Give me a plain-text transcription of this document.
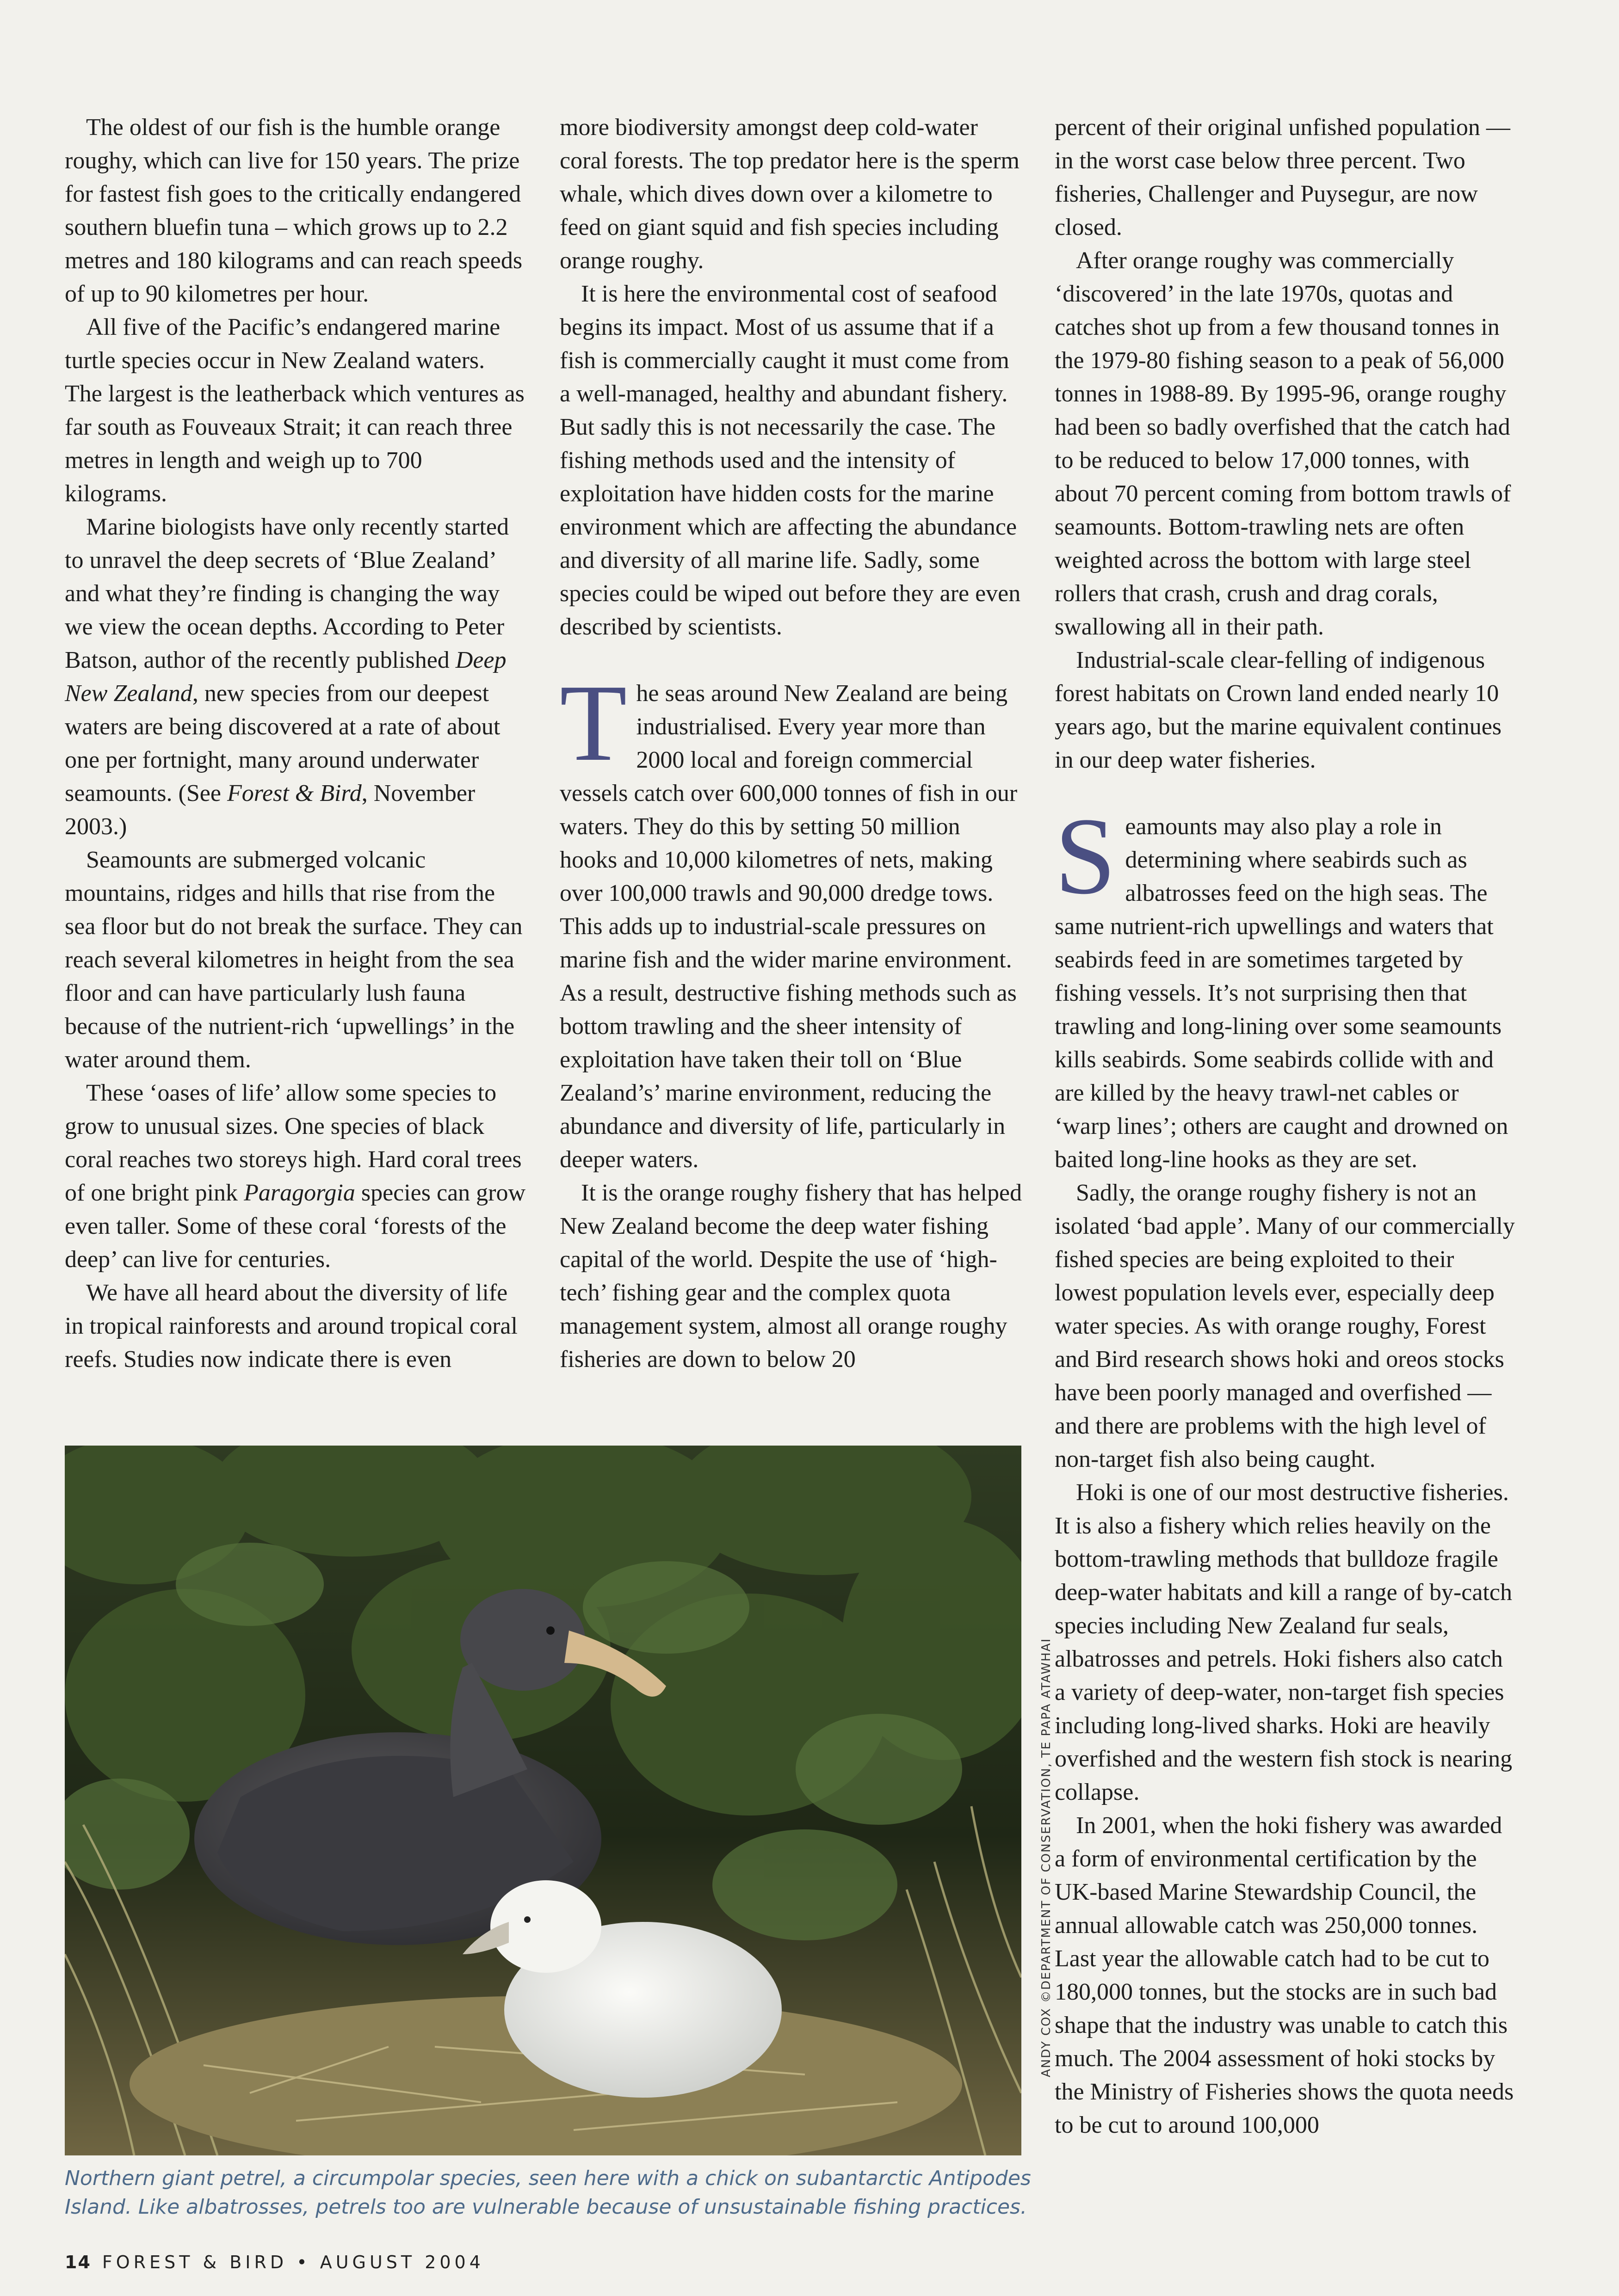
The oldest of our fish is the humble orange roughy, which can live for 150 years. The prize for fastest fish goes to the critically endangered southern bluefin tuna – which grows up to 2.2 metres and 180 kilograms and can reach speeds of up to 90 kilometres per hour.

All five of the Pacific’s endangered marine turtle species occur in New Zealand waters. The largest is the leatherback which ventures as far south as Fouveaux Strait; it can reach three metres in length and weigh up to 700 kilograms.

Marine biologists have only recently started to unravel the deep secrets of ‘Blue Zealand’ and what they’re finding is changing the way we view the ocean depths. According to Peter Batson, author of the recently published Deep New Zealand, new species from our deepest waters are being discovered at a rate of about one per fortnight, many around underwater seamounts. (See Forest & Bird, November 2003.)

Seamounts are submerged volcanic mountains, ridges and hills that rise from the sea floor but do not break the surface. They can reach several kilometres in height from the sea floor and can have particularly lush fauna because of the nutrient-rich ‘upwellings’ in the water around them.

These ‘oases of life’ allow some species to grow to unusual sizes. One species of black coral reaches two storeys high. Hard coral trees of one bright pink Paragorgia species can grow even taller. Some of these coral ‘forests of the deep’ can live for centuries.

We have all heard about the diversity of life in tropical rainforests and around tropical coral reefs. Studies now indicate there is even

more biodiversity amongst deep cold-water coral forests. The top predator here is the sperm whale, which dives down over a kilometre to feed on giant squid and fish species including orange roughy.

It is here the environmental cost of seafood begins its impact. Most of us assume that if a fish is commercially caught it must come from a well-managed, healthy and abundant fishery. But sadly this is not necessarily the case. The fishing methods used and the intensity of exploitation have hidden costs for the marine environment which are affecting the abundance and diversity of all marine life. Sadly, some species could be wiped out before they are even described by scientists.

The seas around New Zealand are being industrialised. Every year more than 2000 local and foreign commercial vessels catch over 600,000 tonnes of fish in our waters. They do this by setting 50 million hooks and 10,000 kilometres of nets, making over 100,000 trawls and 90,000 dredge tows. This adds up to industrial-scale pressures on marine fish and the wider marine environment. As a result, destructive fishing methods such as bottom trawling and the sheer intensity of exploitation have taken their toll on ‘Blue Zealand’s’ marine environment, reducing the abundance and diversity of life, particularly in deeper waters.

It is the orange roughy fishery that has helped New Zealand become the deep water fishing capital of the world. Despite the use of ‘high-tech’ fishing gear and the complex quota management system, almost all orange roughy fisheries are down to below 20

percent of their original unfished population — in the worst case below three percent. Two fisheries, Challenger and Puysegur, are now closed.

After orange roughy was commercially ‘discovered’ in the late 1970s, quotas and catches shot up from a few thousand tonnes in the 1979-80 fishing season to a peak of 56,000 tonnes in 1988-89. By 1995-96, orange roughy had been so badly overfished that the catch had to be reduced to below 17,000 tonnes, with about 70 percent coming from bottom trawls of seamounts. Bottom-trawling nets are often weighted across the bottom with large steel rollers that crash, crush and drag corals, swallowing all in their path.

Industrial-scale clear-felling of indigenous forest habitats on Crown land ended nearly 10 years ago, but the marine equivalent continues in our deep water fisheries.

Seamounts may also play a role in determining where seabirds such as albatrosses feed on the high seas. The same nutrient-rich upwellings and waters that seabirds feed in are sometimes targeted by fishing vessels. It’s not surprising then that trawling and long-lining over some seamounts kills seabirds. Some seabirds collide with and are killed by the heavy trawl-net cables or ‘warp lines’; others are caught and drowned on baited long-line hooks as they are set.

Sadly, the orange roughy fishery is not an isolated ‘bad apple’. Many of our commercially fished species are being exploited to their lowest population levels ever, especially deep water species. As with orange roughy, Forest and Bird research shows hoki and oreos stocks have been poorly managed and overfished — and there are problems with the high level of non-target fish also being caught.

Hoki is one of our most destructive fisheries. It is also a fishery which relies heavily on the bottom-trawling methods that bulldoze fragile deep-water habitats and kill a range of by-catch species including New Zealand fur seals, albatrosses and petrels. Hoki fishers also catch a variety of deep-water, non-target fish species including long-lived sharks. Hoki are heavily overfished and the western fish stock is nearing collapse.

In 2001, when the hoki fishery was awarded a form of environmental certification by the UK-based Marine Stewardship Council, the annual allowable catch was 250,000 tonnes. Last year the allowable catch had to be cut to 180,000 tonnes, but the stocks are in such bad shape that the industry was unable to catch this much. The 2004 assessment of hoki stocks by the Ministry of Fisheries shows the quota needs to be cut to around 100,000

ANDY COX ©DEPARTMENT OF CONSERVATION, TE PAPA ATAWHAI
Northern giant petrel, a circumpolar species, seen here with a chick on subantarctic Antipodes Island. Like albatrosses, petrels too are vulnerable because of unsustainable fishing practices.
14 FOREST & BIRD • AUGUST 2004
